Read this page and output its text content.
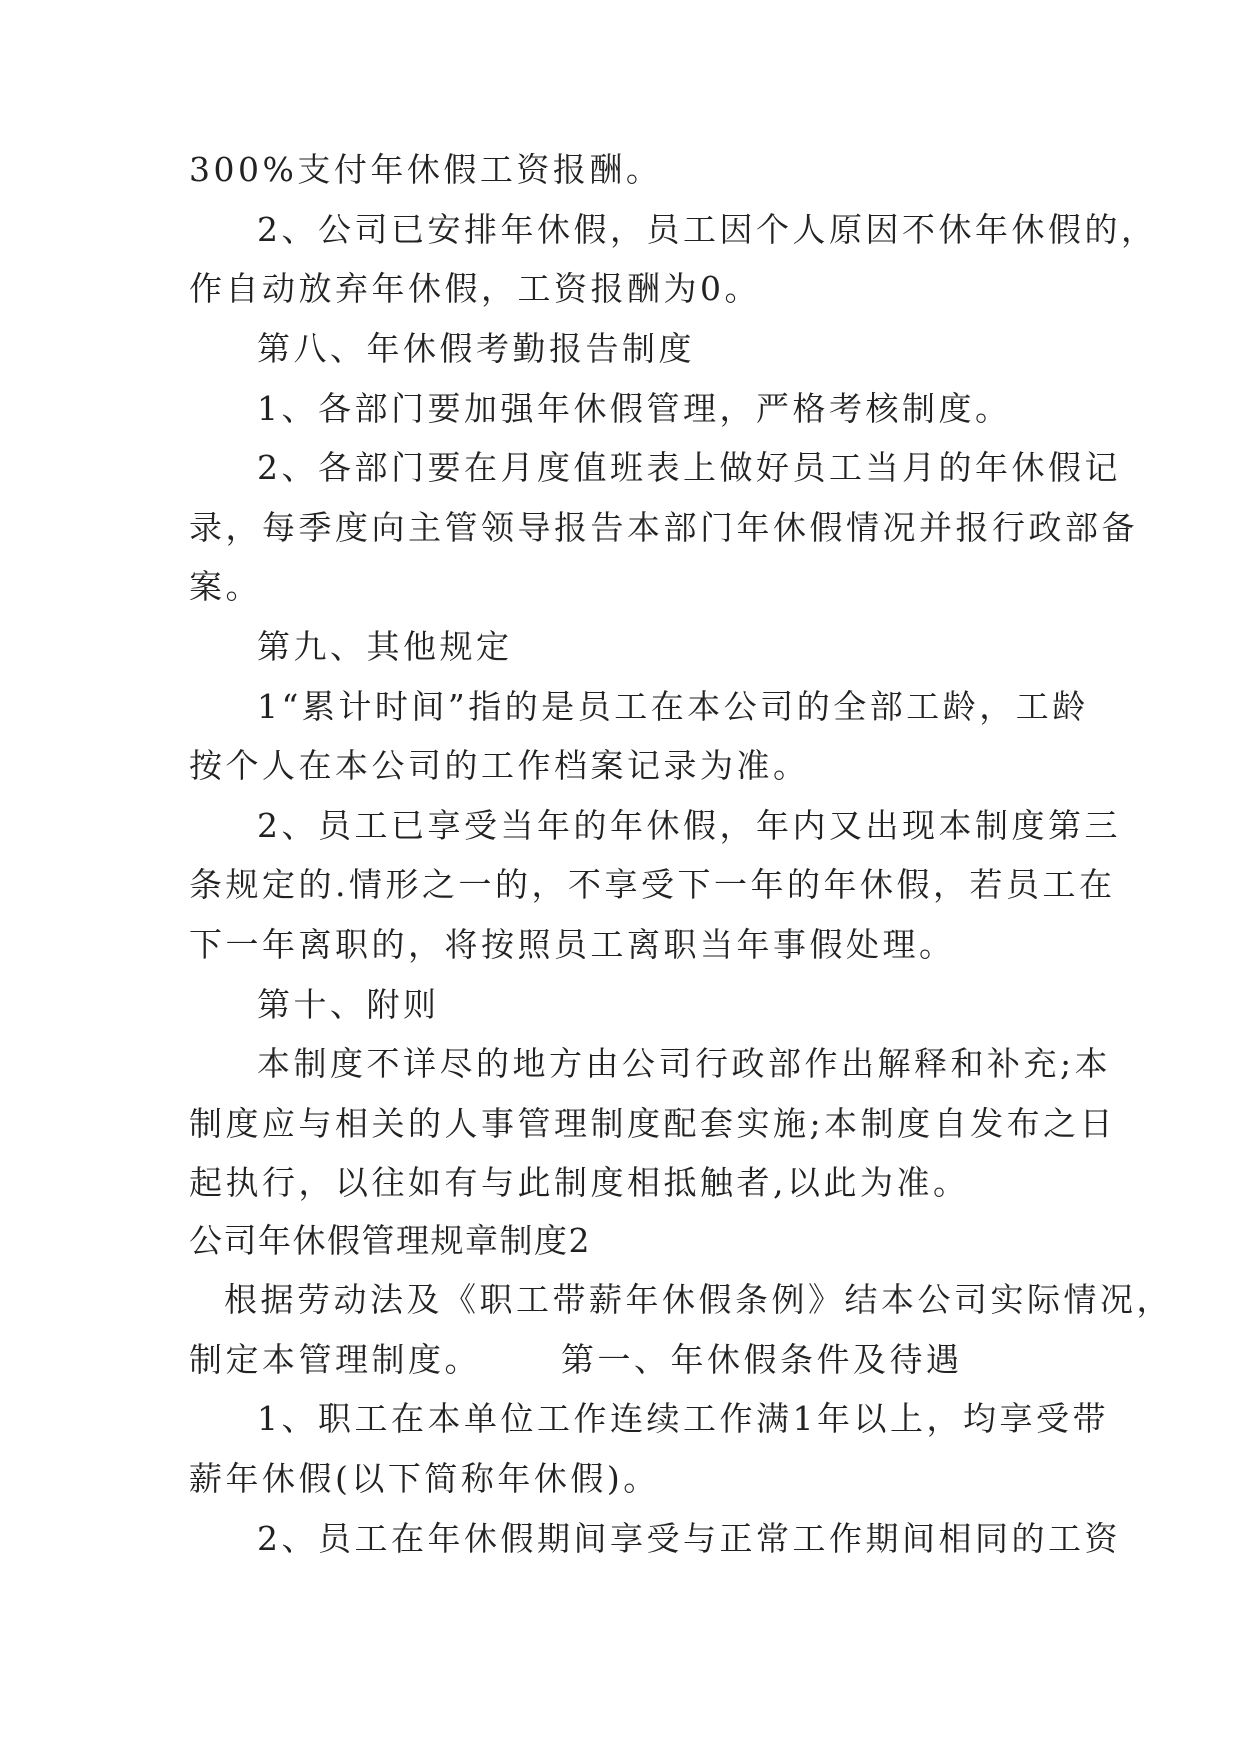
300%支付年休假工资报酬。
2、公司已安排年休假，员工因个人原因不休年休假的，
作自动放弃年休假，工资报酬为0。
第八、年休假考勤报告制度
1、各部门要加强年休假管理，严格考核制度。
2、各部门要在月度值班表上做好员工当月的年休假记
录，每季度向主管领导报告本部门年休假情况并报行政部备
案。
第九、其他规定
1“累计时间”指的是员工在本公司的全部工龄，工龄
按个人在本公司的工作档案记录为准。
2、员工已享受当年的年休假，年内又出现本制度第三
条规定的.情形之一的，不享受下一年的年休假，若员工在
下一年离职的，将按照员工离职当年事假处理。
第十、附则
本制度不详尽的地方由公司行政部作出解释和补充;本
制度应与相关的人事管理制度配套实施;本制度自发布之日
起执行，以往如有与此制度相抵触者,以此为准。
公司年休假管理规章制度2
根据劳动法及《职工带薪年休假条例》结本公司实际情况，
制定本管理制度。 第一、年休假条件及待遇
1、职工在本单位工作连续工作满1年以上，均享受带
薪年休假(以下简称年休假)。
2、员工在年休假期间享受与正常工作期间相同的工资
